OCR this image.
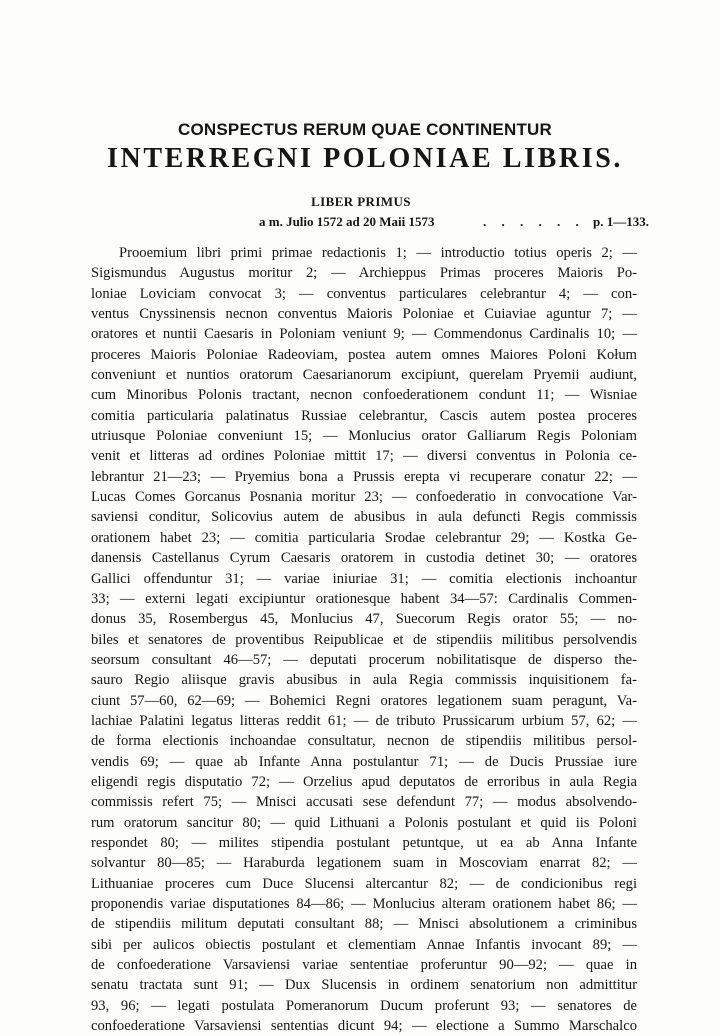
CONSPECTUS RERUM QUAE CONTINENTUR
INTERREGNI POLONIAE LIBRIS.
LIBER PRIMUS
a m. Julio 1572 ad 20 Maii 1573	. . . . . . p. 1—133.
Prooemium libri primi primae redactionis 1; — introductio totius operis 2; —
Sigismundus Augustus moritur 2; — Archieppus Primas proceres Maioris Po-
loniae Loviciam convocat 3; — conventus particulares celebrantur 4; — con-
ventus Cnyssinensis necnon conventus Maioris Poloniae et Cuiaviae aguntur 7; —
oratores et nuntii Caesaris in Poloniam veniunt 9; — Commendonus Cardinalis 10; —
proceres Maioris Poloniae Radeoviam, postea autem omnes Maiores Poloni Kołum
conveniunt et nuntios oratorum Caesarianorum excipiunt, querelam Pryemii audiunt,
cum Minoribus Polonis tractant, necnon confoederationem condunt 11; — Wisniae
comitia particularia palatinatus Russiae celebrantur, Cascis autem postea proceres
utriusque Poloniae conveniunt 15; — Monlucius orator Galliarum Regis Poloniam
venit et litteras ad ordines Poloniae mittit 17; — diversi conventus in Polonia ce-
lebrantur 21—23; — Pryemius bona a Prussis erepta vi recuperare conatur 22; —
Lucas Comes Gorcanus Posnania moritur 23; — confoederatio in convocatione Var-
saviensi conditur, Solicovius autem de abusibus in aula defuncti Regis commissis
orationem habet 23; — comitia particularia Srodae celebrantur 29; — Kostka Ge-
danensis Castellanus Cyrum Caesaris oratorem in custodia detinet 30; — oratores
Gallici offenduntur 31; — variae iniuriae 31; — comitia electionis inchoantur
33; — externi legati excipiuntur orationesque habent 34—57: Cardinalis Commen-
donus 35, Rosembergus 45, Monlucius 47, Suecorum Regis orator 55; — no-
biles et senatores de proventibus Reipublicae et de stipendiis militibus persolvendis
seorsum consultant 46—57; — deputati procerum nobilitatisque de disperso the-
sauro Regio aliisque gravis abusibus in aula Regia commissis inquisitionem fa-
ciunt 57—60, 62—69; — Bohemici Regni oratores legationem suam peragunt, Va-
lachiae Palatini legatus litteras reddit 61; — de tributo Prussicarum urbium 57, 62; —
de forma electionis inchoandae consultatur, necnon de stipendiis militibus persol-
vendis 69; — quae ab Infante Anna postulantur 71; — de Ducis Prussiae iure
eligendi regis disputatio 72; — Orzelius apud deputatos de erroribus in aula Regia
commissis refert 75; — Mnisci accusati sese defendunt 77; — modus absolvendo-
rum oratorum sancitur 80; — quid Lithuani a Polonis postulant et quid iis Poloni
respondet 80; — milites stipendia postulant petuntque, ut ea ab Anna Infante
solvantur 80—85; — Haraburda legationem suam in Moscoviam enarrat 82; —
Lithuaniae proceres cum Duce Slucensi altercantur 82; — de condicionibus regi
proponendis variae disputationes 84—86; — Monlucius alteram orationem habet 86; —
de stipendiis militum deputati consultant 88; — Mnisci absolutionem a criminibus
sibi per aulicos obiectis postulant et clementiam Annae Infantis invocant 89; —
de confoederatione Varsaviensi variae sententiae proferuntur 90—92; — quae in
senatu tractata sunt 91; — Dux Slucensis in ordinem senatorium non admittitur
93, 96; — legati postulata Pomeranorum Ducum proferunt 93; — senatores de
confoederatione Varsaviensi sententias dicunt 94; — electione a Summo Marschalco
